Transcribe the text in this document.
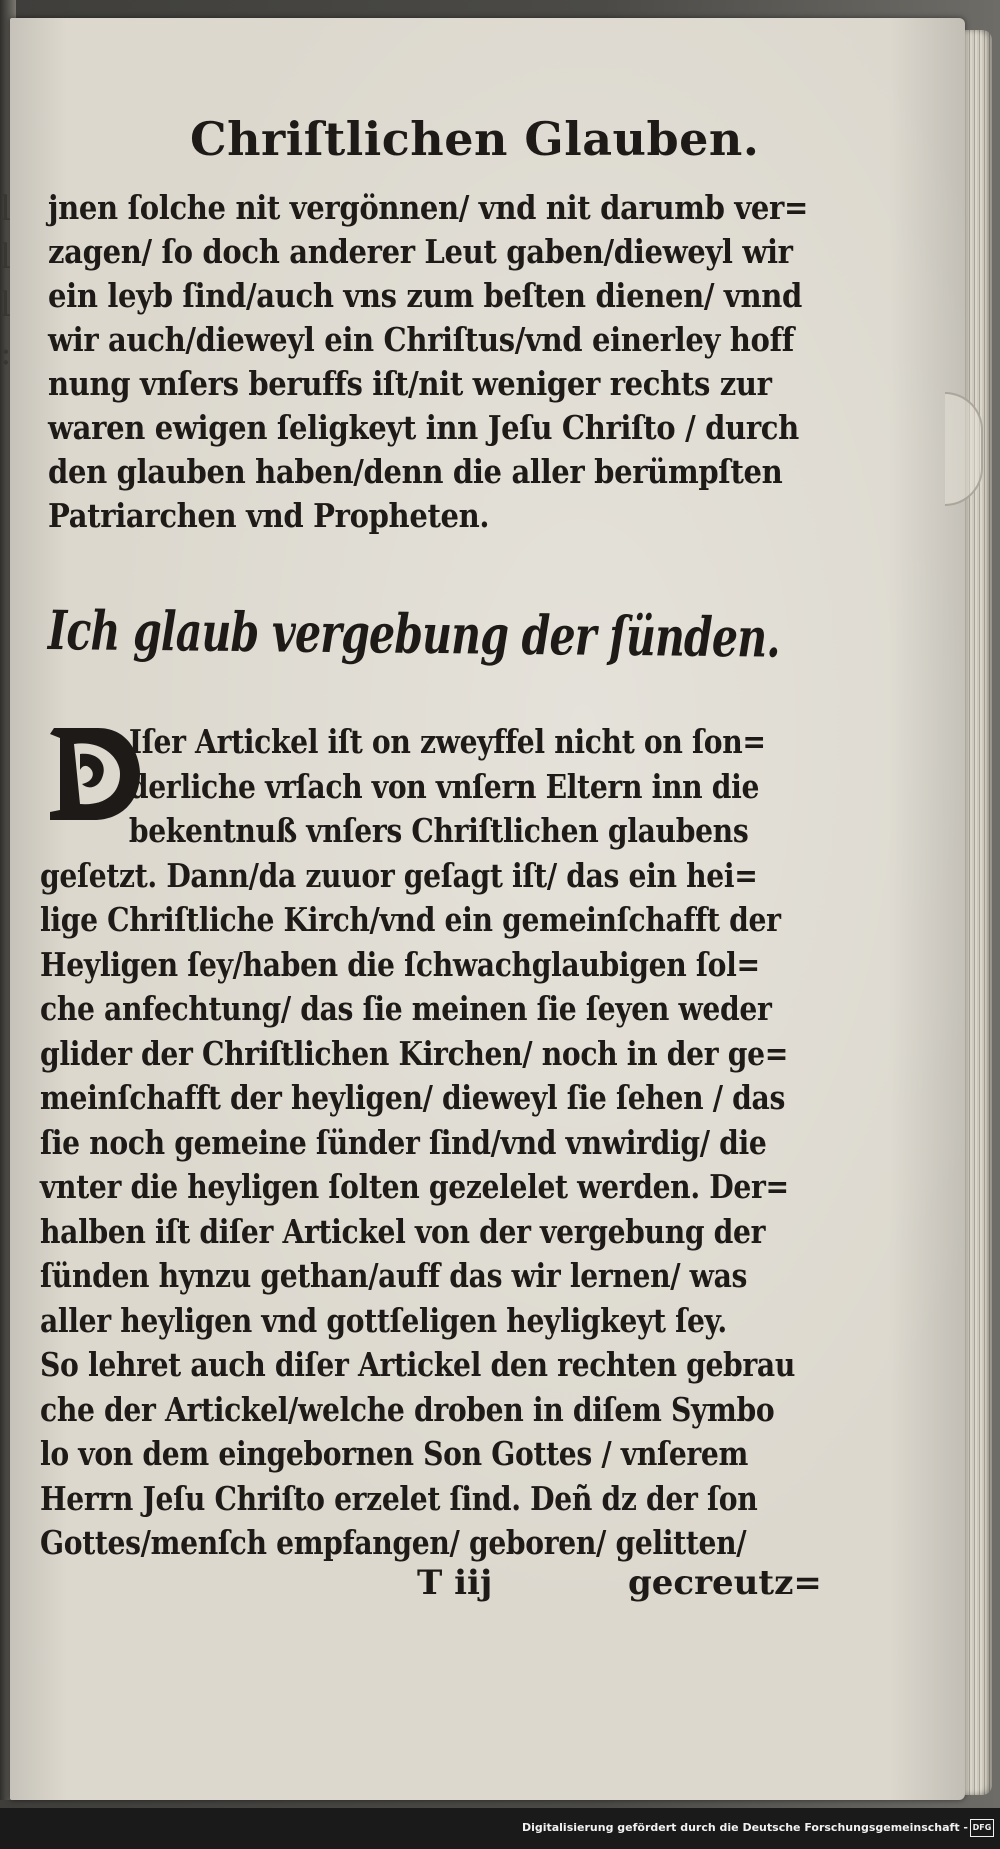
l
l
l
:
Chriſtlichen Glauben.
jnen ſolche nit vergönnen/ vnd nit darumb ver=
zagen/ ſo doch anderer Leut gaben/dieweyl wir
ein leyb ſind/auch vns zum beſten dienen/ vnnd
wir auch/dieweyl ein Chriſtus/vnd einerley hoff
nung vnſers beruffs iſt/nit weniger rechts zur
waren ewigen ſeligkeyt inn Jeſu Chriſto / durch
den glauben haben/denn die aller berümpſten
Patriarchen vnd Propheten.
Ich glaub vergebung der ſünden.
Iſer Artickel iſt on zweyffel nicht on ſon=
derliche vrſach von vnſern Eltern inn die
bekentnuß vnſers Chriſtlichen glaubens
geſetzt. Dann/da zuuor geſagt iſt/ das ein hei=
lige Chriſtliche Kirch/vnd ein gemeinſchafft der
Heyligen ſey/haben die ſchwachglaubigen ſol=
che anfechtung/ das ſie meinen ſie ſeyen weder
glider der Chriſtlichen Kirchen/ noch in der ge=
meinſchafft der heyligen/ dieweyl ſie ſehen / das
ſie noch gemeine ſünder ſind/vnd vnwirdig/ die
vnter die heyligen ſolten gezelelet werden. Der=
halben iſt diſer Artickel von der vergebung der
ſünden hynzu gethan/auff das wir lernen/ was
aller heyligen vnd gottſeligen heyligkeyt ſey.
So lehret auch diſer Artickel den rechten gebrau
che der Artickel/welche droben in diſem Symbo
lo von dem eingebornen Son Gottes / vnſerem
Herrn Jeſu Chriſto erzelet ſind. Deñ dz der ſon
Gottes/menſch empfangen/ geboren/ gelitten/
T iij	gecreutz=
Digitalisierung gefördert durch die Deutsche Forschungsgemeinschaft - DFG
